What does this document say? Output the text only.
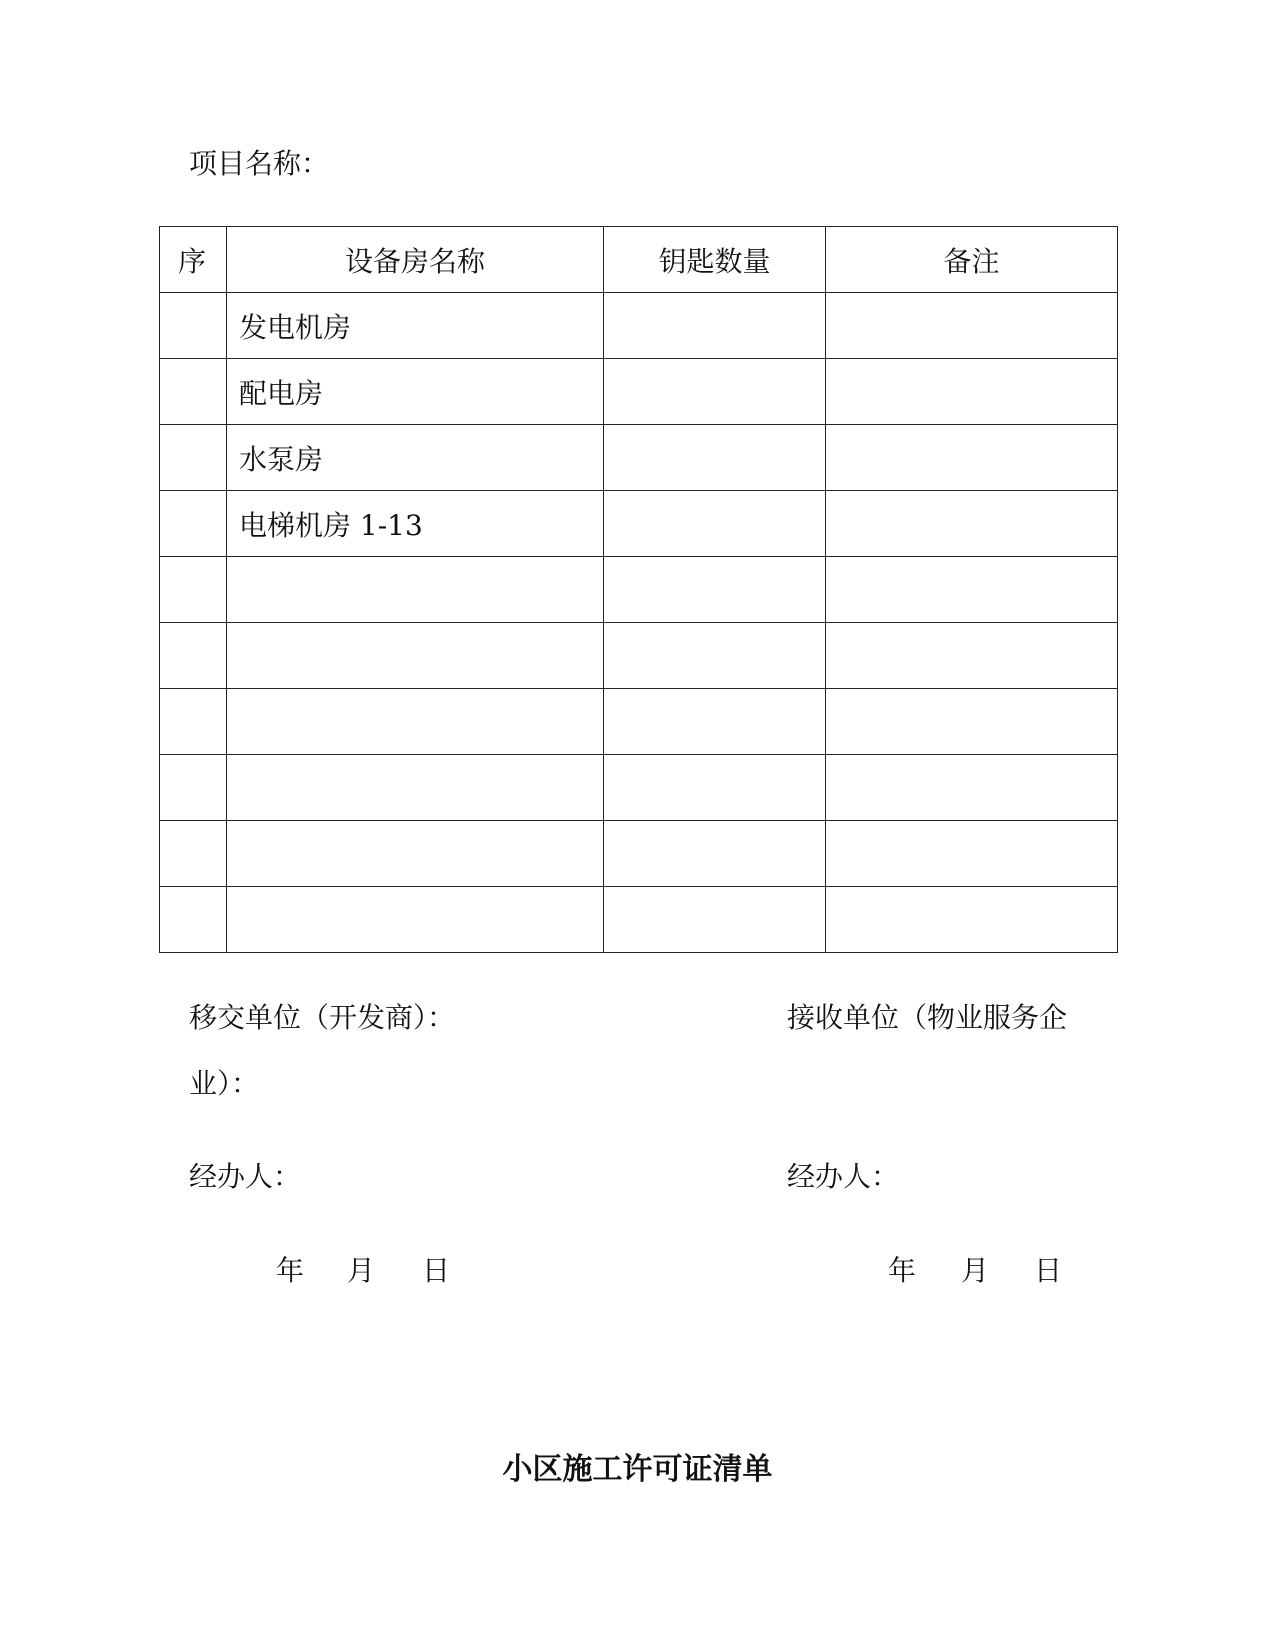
项目名称：
序	设备房名称	钥匙数量	备注
	发电机房		
	配电房		
	水泵房		
	电梯机房 1-13		

移交单位（开发商）：	接收单位（物业服务企
业）：
经办人：	经办人：
年 月 日	年 月 日
小区施工许可证清单
